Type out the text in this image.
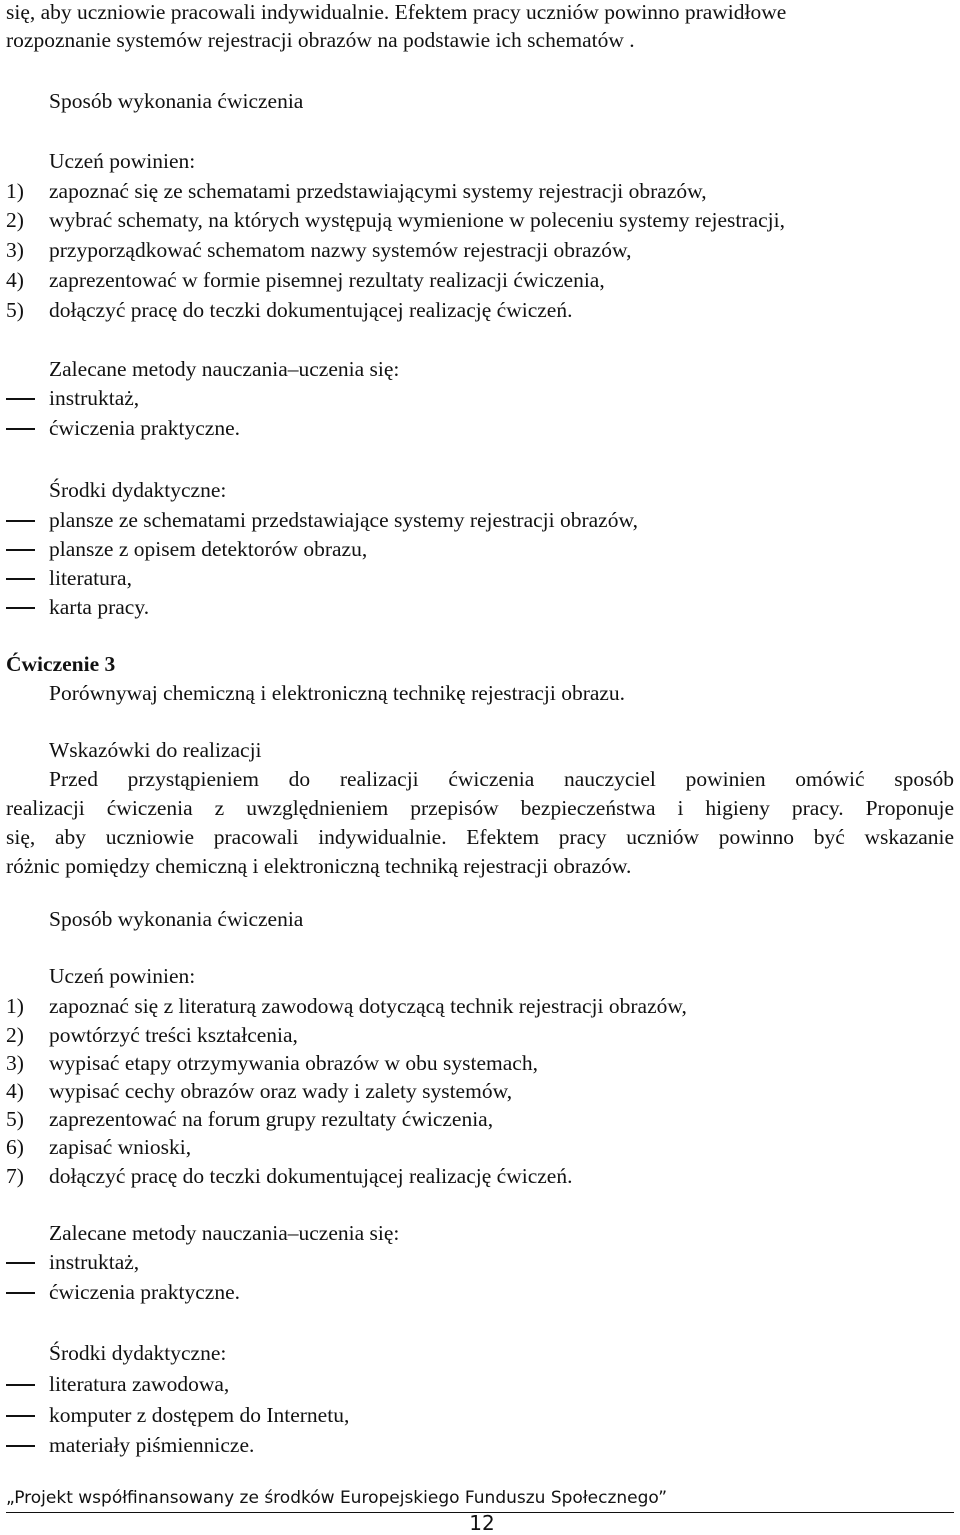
się, aby uczniowie pracowali indywidualnie. Efektem pracy uczniów powinno prawidłowe
rozpoznanie systemów rejestracji obrazów na podstawie ich schematów .
Sposób wykonania ćwiczenia
Uczeń powinien:
1) zapoznać się ze schematami przedstawiającymi systemy rejestracji obrazów,
2) wybrać schematy, na których występują wymienione w poleceniu systemy rejestracji,
3) przyporządkować schematom nazwy systemów rejestracji obrazów,
4) zaprezentować w formie pisemnej rezultaty realizacji ćwiczenia,
5) dołączyć pracę do teczki dokumentującej realizację ćwiczeń.
Zalecane metody nauczania–uczenia się:
instruktaż,
ćwiczenia praktyczne.
Środki dydaktyczne:
plansze ze schematami przedstawiające systemy rejestracji obrazów,
plansze z opisem detektorów obrazu,
literatura,
karta pracy.
Ćwiczenie 3
Porównywaj chemiczną i elektroniczną technikę rejestracji obrazu.
Wskazówki do realizacji
Przed przystąpieniem do realizacji ćwiczenia nauczyciel powinien omówić sposób
realizacji ćwiczenia z uwzględnieniem przepisów bezpieczeństwa i higieny pracy. Proponuje
się, aby uczniowie pracowali indywidualnie. Efektem pracy uczniów powinno być wskazanie
różnic pomiędzy chemiczną i elektroniczną techniką rejestracji obrazów.
Sposób wykonania ćwiczenia
Uczeń powinien:
1) zapoznać się z literaturą zawodową dotyczącą technik rejestracji obrazów,
2) powtórzyć treści kształcenia,
3) wypisać etapy otrzymywania obrazów w obu systemach,
4) wypisać cechy obrazów oraz wady i zalety systemów,
5) zaprezentować na forum grupy rezultaty ćwiczenia,
6) zapisać wnioski,
7) dołączyć pracę do teczki dokumentującej realizację ćwiczeń.
Zalecane metody nauczania–uczenia się:
instruktaż,
ćwiczenia praktyczne.
Środki dydaktyczne:
literatura zawodowa,
komputer z dostępem do Internetu,
materiały piśmiennicze.
„Projekt współfinansowany ze środków Europejskiego Funduszu Społecznego”
12
